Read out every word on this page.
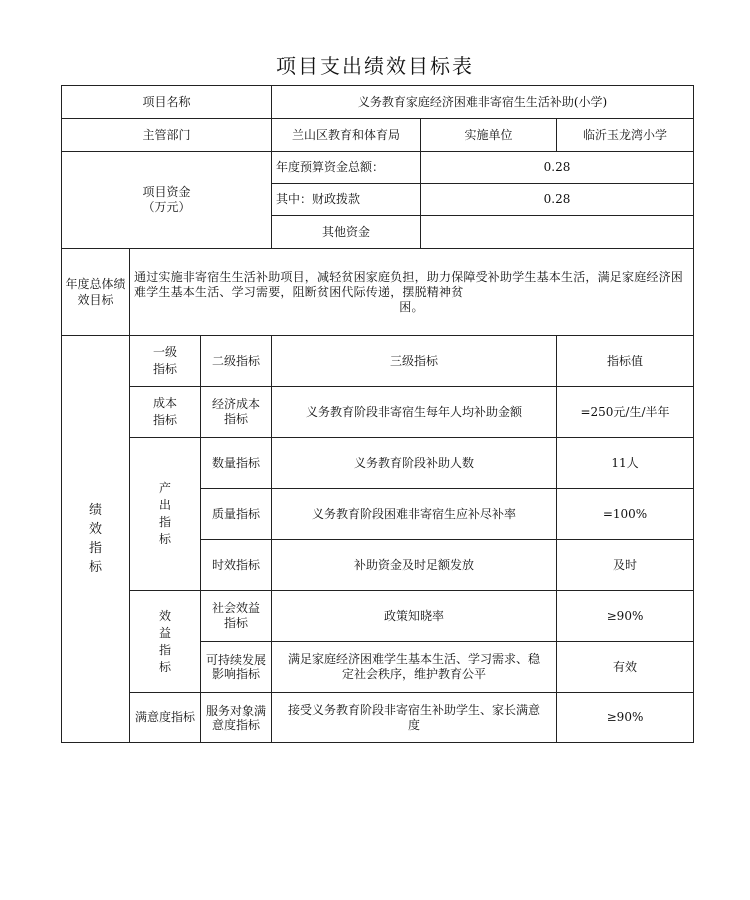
项目支出绩效目标表
项目名称			义务教育家庭经济困难非寄宿生生活补助(小学)		
主管部门			兰山区教育和体育局	实施单位	临沂玉龙湾小学
项目资金
（万元）			年度预算资金总额：	0.28	
			其中：财政拨款	0.28	
			其他资金		
年度总体绩效目标	通过实施非寄宿生生活补助项目，减轻贫困家庭负担，助力保障受补助学生基本生活，满足家庭经济困难学生基本生活、学习需要，阻断贫困代际传递，摆脱精神贫
困。				

绩效指标	一级指标	二级指标	三级指标		指标值
	成本指标	经济成本指标	义务教育阶段非寄宿生每年人均补助金额		=250元/生/半年
	产出指标	数量指标	义务教育阶段补助人数		11人
		质量指标	义务教育阶段困难非寄宿生应补尽补率		=100%
		时效指标	补助资金及时足额发放		及时
	效益指标	社会效益指标	政策知晓率		≥90%
		可持续发展影响指标	满足家庭经济困难学生基本生活、学习需求、稳定社会秩序，维护教育公平		有效
	满意度指标	服务对象满意度指标	接受义务教育阶段非寄宿生补助学生、家长满意度		≥90%
